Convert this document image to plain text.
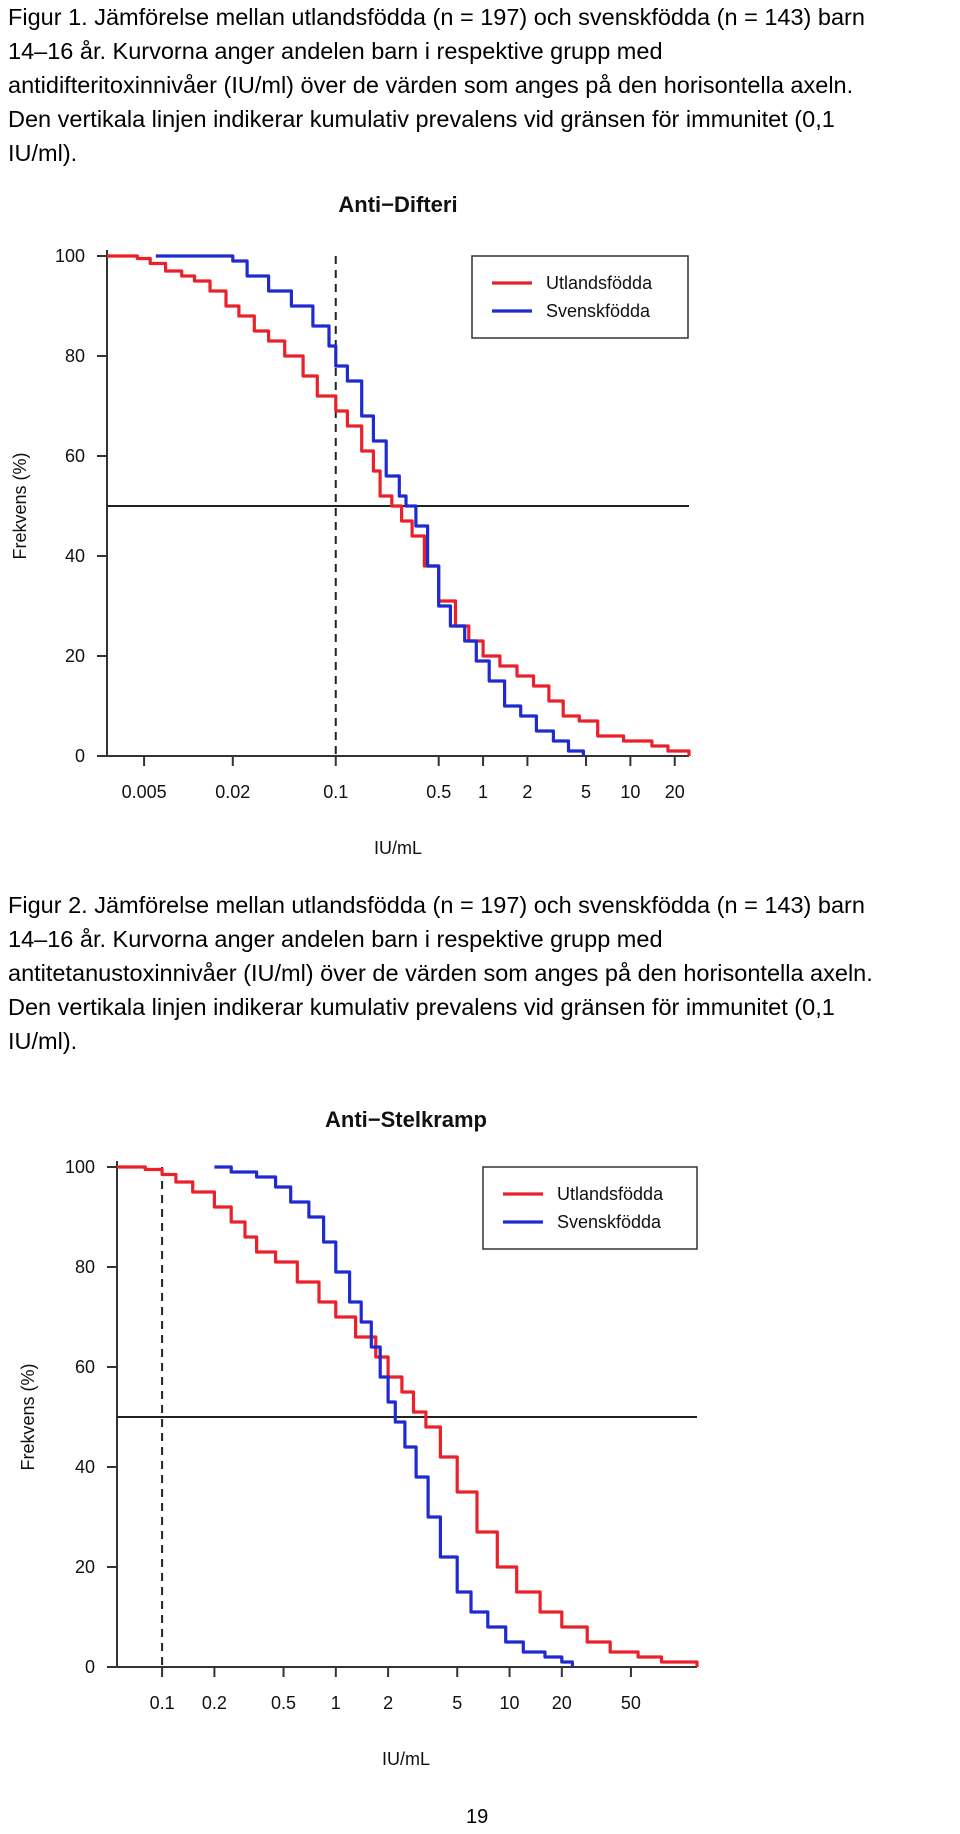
Figur 1. Jämförelse mellan utlandsfödda (n = 197) och svenskfödda (n = 143) barn
14–16 år. Kurvorna anger andelen barn i respektive grupp med
antidifteritoxinnivåer (IU/ml) över de värden som anges på den horisontella axeln.
Den vertikala linjen indikerar kumulativ prevalens vid gränsen för immunitet (0,1
IU/ml).
Anti−Difteri
0
20
40
60
80
100
0.005	0.02	0.1	0.5 1 2	5 10 20
IU/mL
Frekvens (%)
Utlandsfödda
Svenskfödda
Figur 2. Jämförelse mellan utlandsfödda (n = 197) och svenskfödda (n = 143) barn
14–16 år. Kurvorna anger andelen barn i respektive grupp med
antitetanustoxinnivåer (IU/ml) över de värden som anges på den horisontella axeln.
Den vertikala linjen indikerar kumulativ prevalens vid gränsen för immunitet (0,1
IU/ml).
Anti−Stelkramp
0
20
40
60
80
100
0.1 0.2 0.5 1 2	5 10 20	50
IU/mL
Frekvens (%)
Utlandsfödda
Svenskfödda
19
